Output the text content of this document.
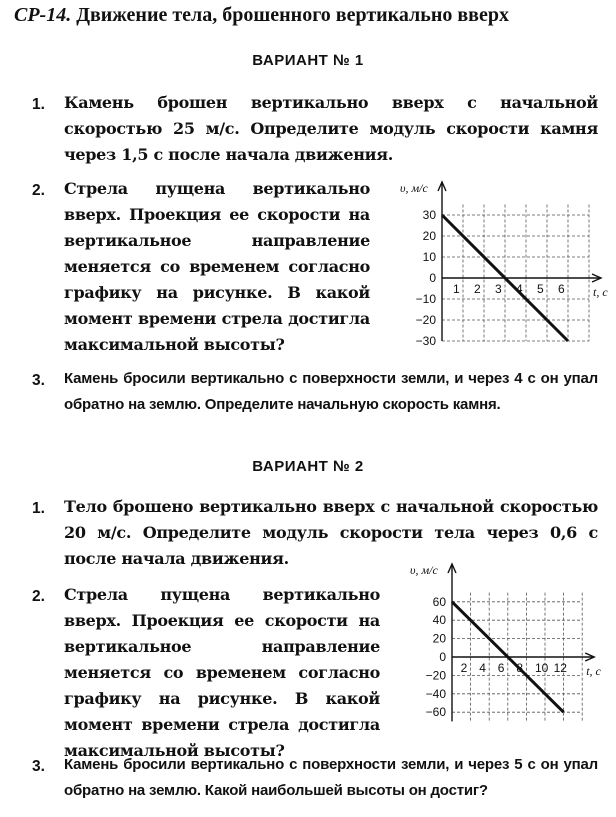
СР-14. Движение тела, брошенного вертикально вверх
ВАРИАНТ № 1
1. Камень брошен вертикально вверх с начальной скоростью 25 м/с. Определите модуль скорости камня через 1,5 с после начала движения.
2. Стрела пущена вертикально вверх. Проекция ее скорости на вертикальное направление меняется со временем согласно графику на рисунке. В какой момент времени стрела достигла максимальной высоты?
υ, м/с
t, с
1 2 3 4 5 6
30
20
10
0
−10
−20
−30
3. Камень бросили вертикально с поверхности земли, и через 4 с он упал обратно на землю. Определите начальную скорость камня.
ВАРИАНТ № 2
1. Тело брошено вертикально вверх с начальной скоростью 20 м/с. Определите модуль скорости тела через 0,6 с после начала движения.
2. Стрела пущена вертикально вверх. Проекция ее скорости на вертикальное направление меняется со временем согласно графику на рисунке. В какой момент времени стрела достигла максимальной высоты?
υ, м/с
t, с
2 4 6 8 10 12
60
40
20
0
−20
−40
−60
3. Камень бросили вертикально с поверхности земли, и через 5 с он упал обратно на землю. Какой наибольшей высоты он достиг?
